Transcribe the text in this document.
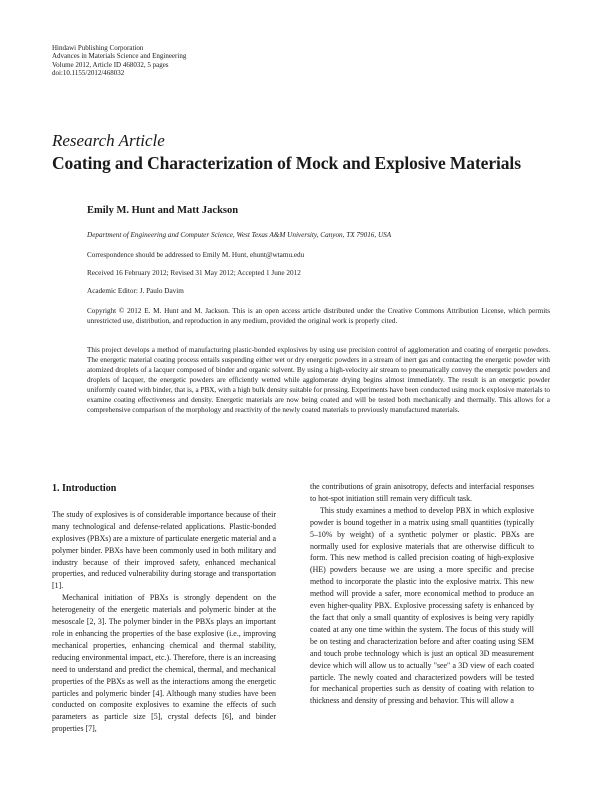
Hindawi Publishing Corporation
Advances in Materials Science and Engineering
Volume 2012, Article ID 468032, 5 pages
doi:10.1155/2012/468032
Research Article
Coating and Characterization of Mock and Explosive Materials
Emily M. Hunt and Matt Jackson
Department of Engineering and Computer Science, West Texas A&M University, Canyon, TX 79016, USA
Correspondence should be addressed to Emily M. Hunt, ehunt@wtamu.edu
Received 16 February 2012; Revised 31 May 2012; Accepted 1 June 2012
Academic Editor: J. Paulo Davim
Copyright © 2012 E. M. Hunt and M. Jackson. This is an open access article distributed under the Creative Commons Attribution License, which permits unrestricted use, distribution, and reproduction in any medium, provided the original work is properly cited.
This project develops a method of manufacturing plastic-bonded explosives by using use precision control of agglomeration and coating of energetic powders. The energetic material coating process entails suspending either wet or dry energetic powders in a stream of inert gas and contacting the energetic powder with atomized droplets of a lacquer composed of binder and organic solvent. By using a high-velocity air stream to pneumatically convey the energetic powders and droplets of lacquer, the energetic powders are efficiently wetted while agglomerate drying begins almost immediately. The result is an energetic powder uniformly coated with binder, that is, a PBX, with a high bulk density suitable for pressing. Experiments have been conducted using mock explosive materials to examine coating effectiveness and density. Energetic materials are now being coated and will be tested both mechanically and thermally. This allows for a comprehensive comparison of the morphology and reactivity of the newly coated materials to previously manufactured materials.

1. Introduction

The study of explosives is of considerable importance because of their many technological and defense-related applications. Plastic-bonded explosives (PBXs) are a mixture of particulate energetic material and a polymer binder. PBXs have been commonly used in both military and industry because of their improved safety, enhanced mechanical properties, and reduced vulnerability during storage and transportation [1].

Mechanical initiation of PBXs is strongly dependent on the heterogeneity of the energetic materials and polymeric binder at the mesoscale [2, 3]. The polymer binder in the PBXs plays an important role in enhancing the properties of the base explosive (i.e., improving mechanical properties, enhancing chemical and thermal stability, reducing environmental impact, etc.). Therefore, there is an increasing need to understand and predict the chemical, thermal, and mechanical properties of the PBXs as well as the interactions among the energetic particles and polymeric binder [4]. Although many studies have been conducted on composite explosives to examine the effects of such parameters as particle size [5], crystal defects [6], and binder properties [7],

the contributions of grain anisotropy, defects and interfacial responses to hot-spot initiation still remain very difficult task.

This study examines a method to develop PBX in which explosive powder is bound together in a matrix using small quantities (typically 5–10% by weight) of a synthetic polymer or plastic. PBXs are normally used for explosive materials that are otherwise difficult to form. This new method is called precision coating of high-explosive (HE) powders because we are using a more specific and precise method to incorporate the plastic into the explosive matrix. This new method will provide a safer, more economical method to produce an even higher-quality PBX. Explosive processing safety is enhanced by the fact that only a small quantity of explosives is being very rapidly coated at any one time within the system. The focus of this study will be on testing and characterization before and after coating using SEM and touch probe technology which is just an optical 3D measurement device which will allow us to actually "see" a 3D view of each coated particle. The newly coated and characterized powders will be tested for mechanical properties such as density of coating with relation to thickness and density of pressing and behavior. This will allow a
